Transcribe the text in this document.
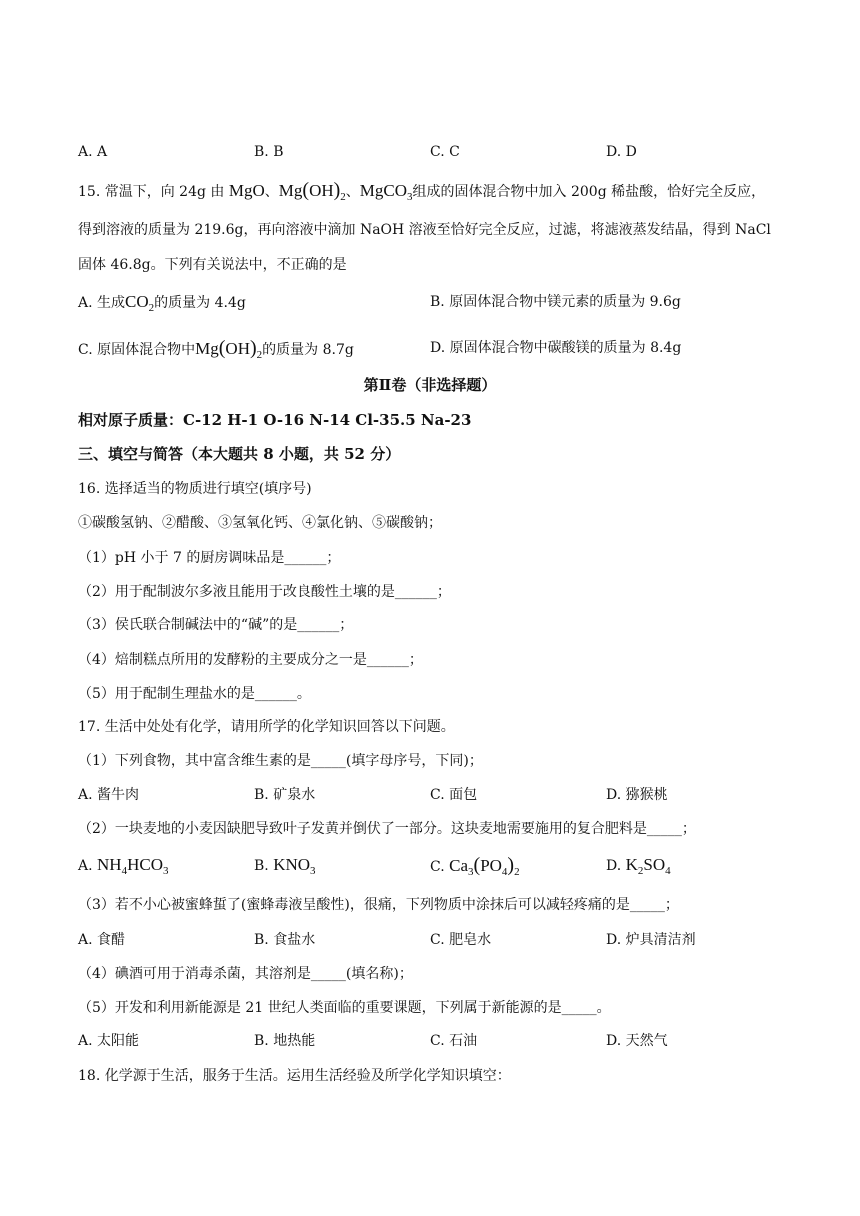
A. A	B. B	C. C	D. D
15. 常温下，向 24g 由 MgO、$Mg(OH)_2$、MgCO$_3$组成的固体混合物中加入 200g 稀盐酸，恰好完全反应，
得到溶液的质量为 219.6g，再向溶液中滴加 NaOH 溶液至恰好完全反应，过滤，将滤液蒸发结晶，得到 NaCl
固体 46.8g。下列有关说法中，不正确的是
A. 生成$CO_2$的质量为 4.4g	B. 原固体混合物中镁元素的质量为 9.6g
C. 原固体混合物中$Mg(OH)_2$的质量为 8.7g	D. 原固体混合物中碳酸镁的质量为 8.4g
第Ⅱ卷（非选择题）
相对原子质量：C-12 H-1 O-16 N-14 Cl-35.5 Na-23
三、填空与简答（本大题共 8 小题，共 52 分）
16. 选择适当的物质进行填空(填序号)
①碳酸氢钠、②醋酸、③氢氧化钙、④氯化钠、⑤碳酸钠；
（1）pH 小于 7 的厨房调味品是______；
（2）用于配制波尔多液且能用于改良酸性土壤的是______；
（3）侯氏联合制碱法中的“碱”的是______；
（4）焙制糕点所用的发酵粉的主要成分之一是______；
（5）用于配制生理盐水的是______。
17. 生活中处处有化学，请用所学的化学知识回答以下问题。
（1）下列食物，其中富含维生素的是_____(填字母序号，下同)；
A. 酱牛肉	B. 矿泉水	C. 面包	D. 猕猴桃
（2）一块麦地的小麦因缺肥导致叶子发黄并倒伏了一部分。这块麦地需要施用的复合肥料是_____；
A. $NH_4HCO_3$	B. $KNO_3$	C. $Ca_3(PO_4)_2$	D. $K_2SO_4$
（3）若不小心被蜜蜂蜇了(蜜蜂毒液呈酸性)，很痛，下列物质中涂抹后可以减轻疼痛的是_____；
A. 食醋	B. 食盐水	C. 肥皂水	D. 炉具清洁剂
（4）碘酒可用于消毒杀菌，其溶剂是_____(填名称)；
（5）开发和利用新能源是 21 世纪人类面临的重要课题，下列属于新能源的是_____。
A. 太阳能	B. 地热能	C. 石油	D. 天然气
18. 化学源于生活，服务于生活。运用生活经验及所学化学知识填空：
